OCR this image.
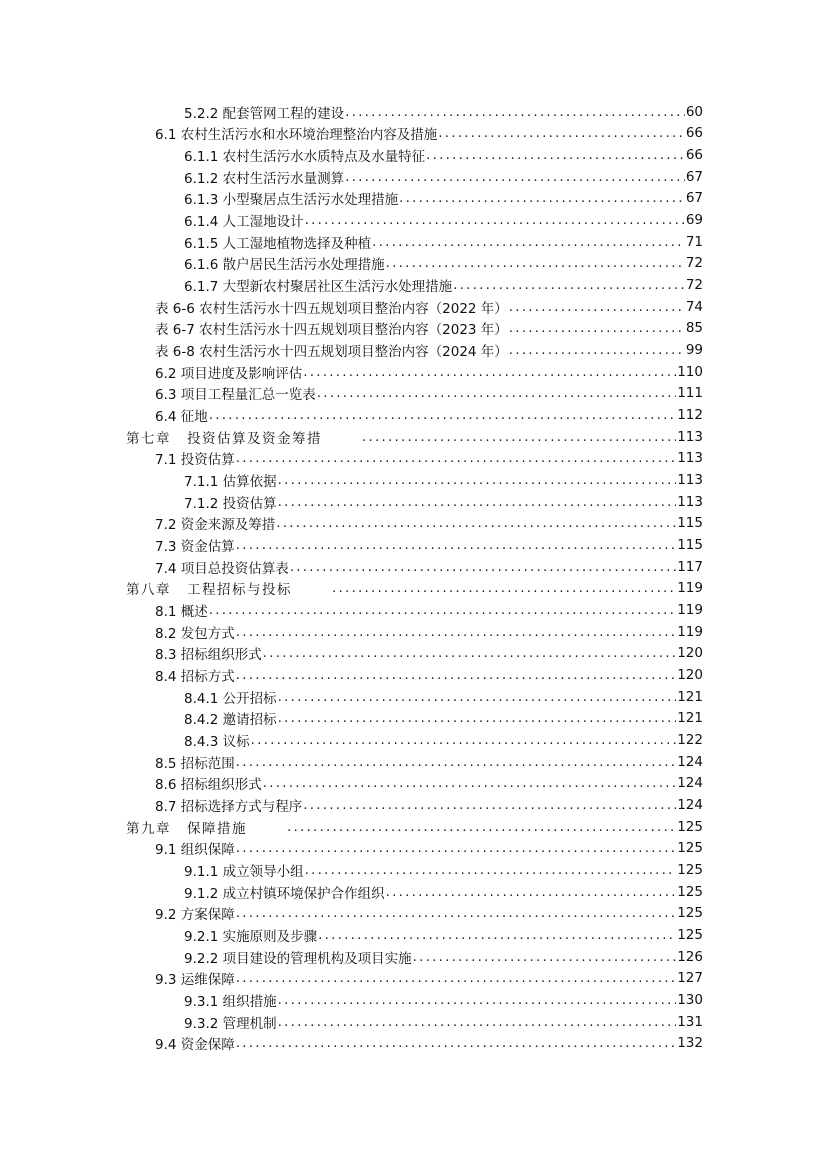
5.2.2 配套管网工程的建设 .....	60
6.1 农村生活污水和水环境治理整治内容及措施 .....	66
6.1.1 农村生活污水水质特点及水量特征 .....	66
6.1.2 农村生活污水量测算 .....	67
6.1.3 小型聚居点生活污水处理措施 .....	67
6.1.4 人工湿地设计 .....	69
6.1.5 人工湿地植物选择及种植 .....	71
6.1.6 散户居民生活污水处理措施 .....	72
6.1.7 大型新农村聚居社区生活污水处理措施 .....	72
表 6-6 农村生活污水十四五规划项目整治内容（2022 年） .....	74
表 6-7 农村生活污水十四五规划项目整治内容（2023 年） .....	85
表 6-8 农村生活污水十四五规划项目整治内容（2024 年） .....	99
6.2 项目进度及影响评估 .....	110
6.3 项目工程量汇总一览表 .....	111
6.4 征地 .....	112
第七章 投资估算及资金筹措 .....	113
7.1 投资估算 .....	113
7.1.1 估算依据 .....	113
7.1.2 投资估算 .....	113
7.2 资金来源及筹措 .....	115
7.3 资金估算 .....	115
7.4 项目总投资估算表 .....	117
第八章 工程招标与投标 .....	119
8.1 概述 .....	119
8.2 发包方式 .....	119
8.3 招标组织形式 .....	120
8.4 招标方式 .....	120
8.4.1 公开招标 .....	121
8.4.2 邀请招标 .....	121
8.4.3 议标 .....	122
8.5 招标范围 .....	124
8.6 招标组织形式 .....	124
8.7 招标选择方式与程序 .....	124
第九章 保障措施 .....	125
9.1 组织保障 .....	125
9.1.1 成立领导小组 .....	125
9.1.2 成立村镇环境保护合作组织 .....	125
9.2 方案保障 .....	125
9.2.1 实施原则及步骤 .....	125
9.2.2 项目建设的管理机构及项目实施 .....	126
9.3 运维保障 .....	127
9.3.1 组织措施 .....	130
9.3.2 管理机制 .....	131
9.4 资金保障 .....	132
